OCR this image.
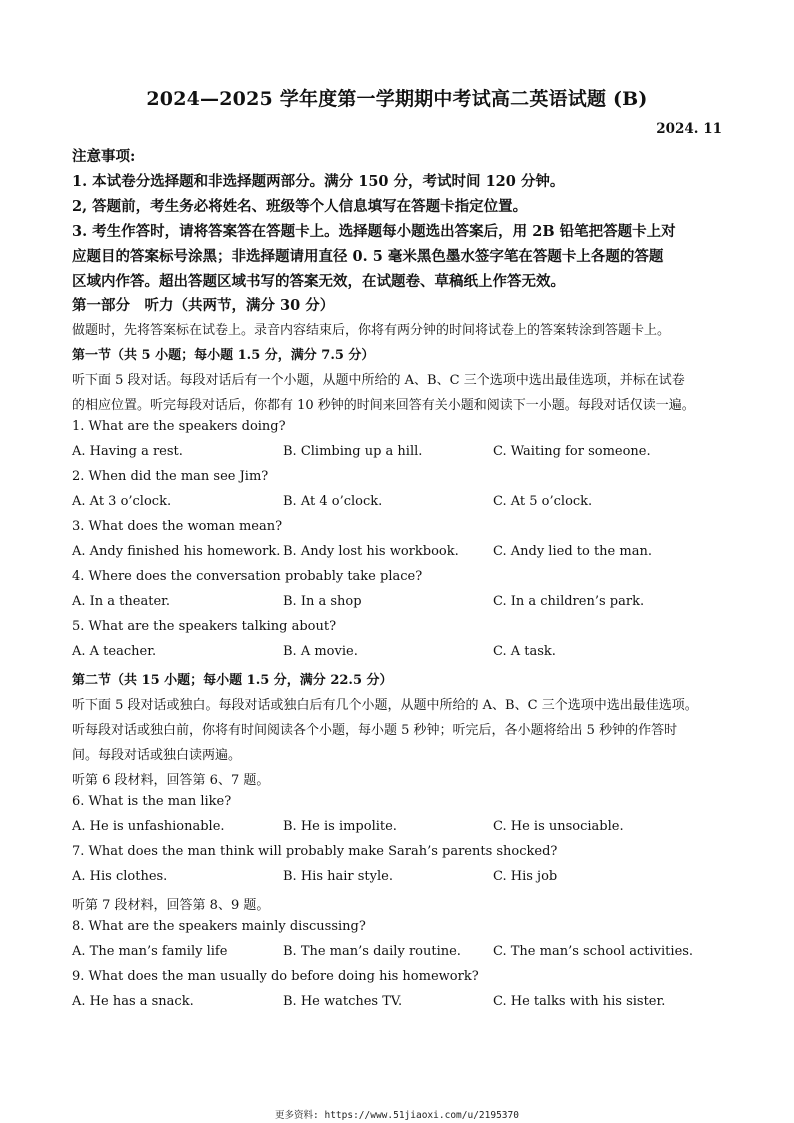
2024—2025 学年度第一学期期中考试高二英语试题 (B)
2024. 11
注意事项:
1. 本试卷分选择题和非选择题两部分。满分 150 分，考试时间 120 分钟。
2, 答题前，考生务必将姓名、班级等个人信息填写在答题卡指定位置。
3. 考生作答时，请将答案答在答题卡上。选择题每小题选出答案后，用 2B 铅笔把答题卡上对
应题目的答案标号涂黑；非选择题请用直径 0. 5 毫米黑色墨水签字笔在答题卡上各题的答题
区域内作答。超出答题区域书写的答案无效，在试题卷、草稿纸上作答无效。
第一部分　听力（共两节，满分 30 分）
做题时，先将答案标在试卷上。录音内容结束后，你将有两分钟的时间将试卷上的答案转涂到答题卡上。
第一节（共 5 小题；每小题 1.5 分，满分 7.5 分）
听下面 5 段对话。每段对话后有一个小题，从题中所给的 A、B、C 三个选项中选出最佳选项，并标在试卷
的相应位置。听完每段对话后，你都有 10 秒钟的时间来回答有关小题和阅读下一小题。每段对话仅读一遍。
1. What are the speakers doing?
A. Having a rest.	B. Climbing up a hill.	C. Waiting for someone.
2. When did the man see Jim?
A. At 3 o’clock.	B. At 4 o’clock.	C. At 5 o’clock.
3. What does the woman mean?
A. Andy finished his homework. B. Andy lost his workbook.	C. Andy lied to the man.
4. Where does the conversation probably take place?
A. In a theater.	B. In a shop	C. In a children’s park.
5. What are the speakers talking about?
A. A teacher.	B. A movie.	C. A task.
第二节（共 15 小题；每小题 1.5 分，满分 22.5 分）
听下面 5 段对话或独白。每段对话或独白后有几个小题，从题中所给的 A、B、C 三个选项中选出最佳选项。
听每段对话或独白前，你将有时间阅读各个小题，每小题 5 秒钟；听完后，各小题将给出 5 秒钟的作答时
间。每段对话或独白读两遍。
听第 6 段材料，回答第 6、7 题。
6. What is the man like?
A. He is unfashionable.	B. He is impolite.	C. He is unsociable.
7. What does the man think will probably make Sarah’s parents shocked?
A. His clothes.	B. His hair style.	C. His job
听第 7 段材料，回答第 8、9 题。
8. What are the speakers mainly discussing?
A. The man’s family life	B. The man’s daily routine. C. The man’s school activities.
9. What does the man usually do before doing his homework?
A. He has a snack.	B. He watches TV.	C. He talks with his sister.
更多资料: https://www.51jiaoxi.com/u/2195370
